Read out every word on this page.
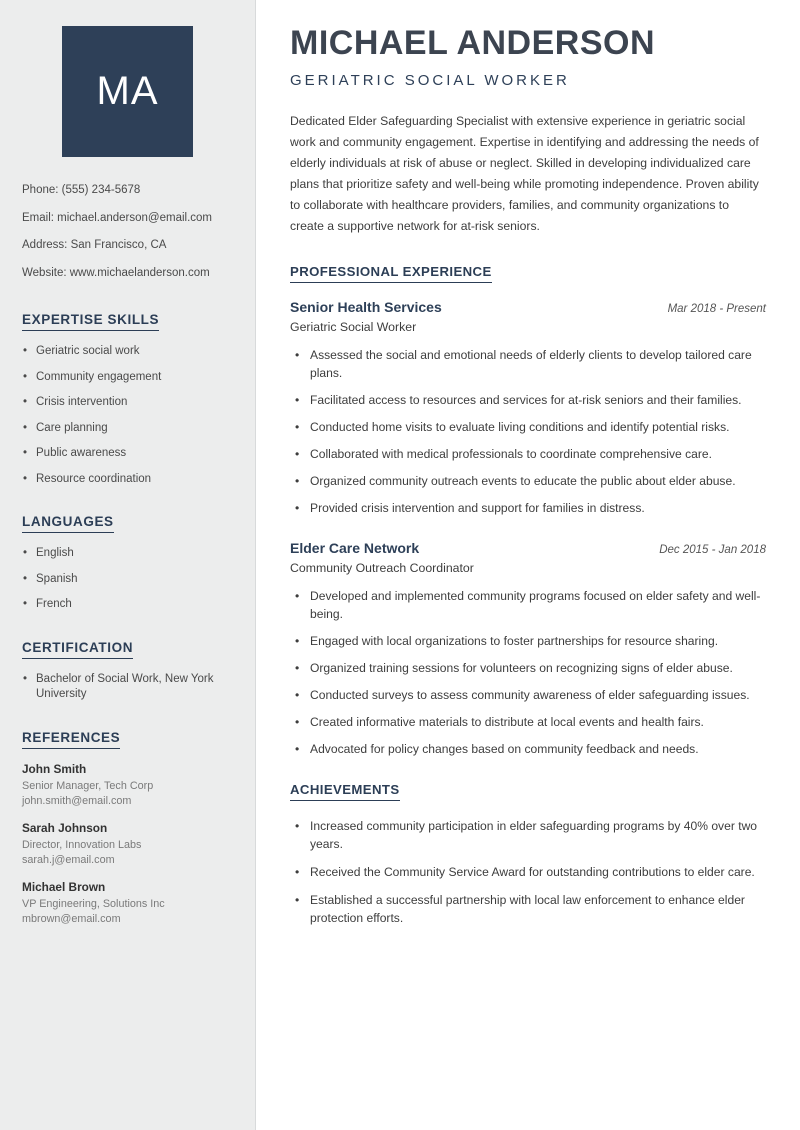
MA
Phone: (555) 234-5678
Email: michael.anderson@email.com
Address: San Francisco, CA
Website: www.michaelanderson.com
EXPERTISE SKILLS
• Geriatric social work
• Community engagement
• Crisis intervention
• Care planning
• Public awareness
• Resource coordination
LANGUAGES
• English
• Spanish
• French
CERTIFICATION
• Bachelor of Social Work, New York University
REFERENCES
John Smith
Senior Manager, Tech Corp
john.smith@email.com
Sarah Johnson
Director, Innovation Labs
sarah.j@email.com
Michael Brown
VP Engineering, Solutions Inc
mbrown@email.com
MICHAEL ANDERSON
GERIATRIC SOCIAL WORKER

Dedicated Elder Safeguarding Specialist with extensive experience in geriatric social work and community engagement. Expertise in identifying and addressing the needs of elderly individuals at risk of abuse or neglect. Skilled in developing individualized care plans that prioritize safety and well-being while promoting independence. Proven ability to collaborate with healthcare providers, families, and community organizations to create a supportive network for at-risk seniors.

PROFESSIONAL EXPERIENCE
Senior Health Services	Mar 2018 - Present
Geriatric Social Worker
• Assessed the social and emotional needs of elderly clients to develop tailored care plans.
• Facilitated access to resources and services for at-risk seniors and their families.
• Conducted home visits to evaluate living conditions and identify potential risks.
• Collaborated with medical professionals to coordinate comprehensive care.
• Organized community outreach events to educate the public about elder abuse.
• Provided crisis intervention and support for families in distress.
Elder Care Network	Dec 2015 - Jan 2018
Community Outreach Coordinator
• Developed and implemented community programs focused on elder safety and well-being.
• Engaged with local organizations to foster partnerships for resource sharing.
• Organized training sessions for volunteers on recognizing signs of elder abuse.
• Conducted surveys to assess community awareness of elder safeguarding issues.
• Created informative materials to distribute at local events and health fairs.
• Advocated for policy changes based on community feedback and needs.
ACHIEVEMENTS
• Increased community participation in elder safeguarding programs by 40% over two years.
• Received the Community Service Award for outstanding contributions to elder care.
• Established a successful partnership with local law enforcement to enhance elder protection efforts.
